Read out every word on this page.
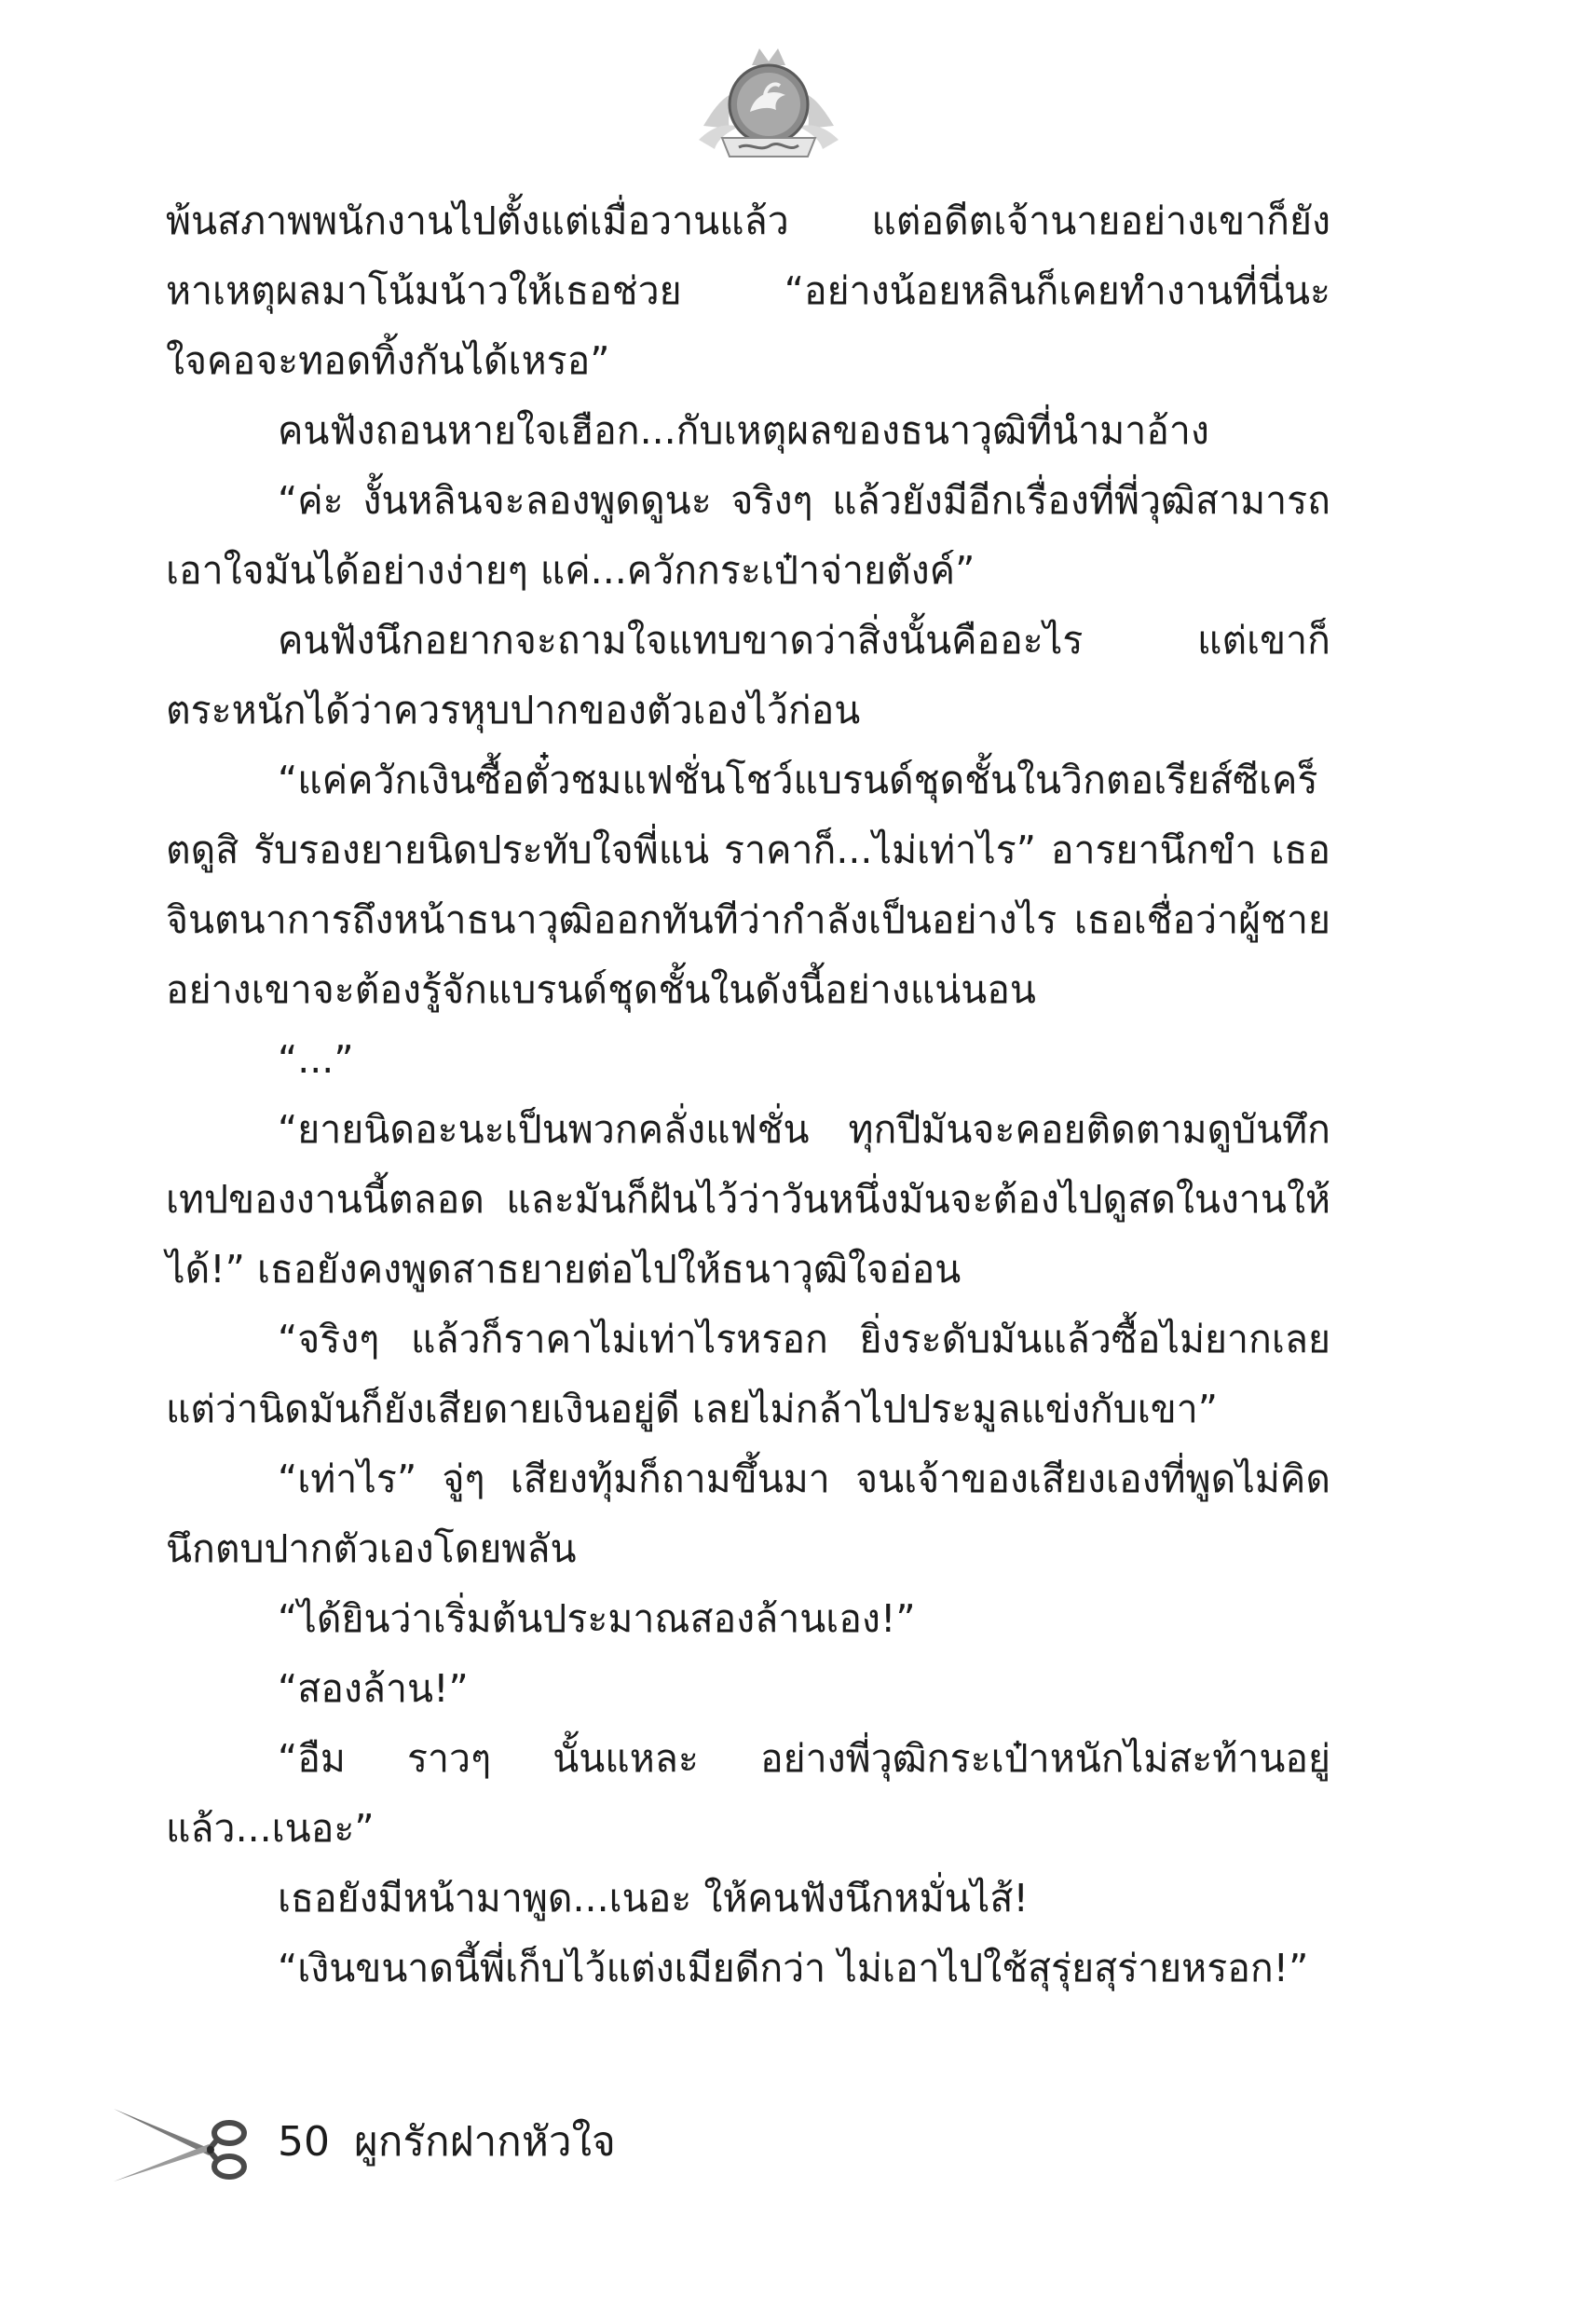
พ้นสภาพพนักงานไปตั้งแต่เมื่อวานแล้ว แต่อดีตเจ้านายอย่างเขาก็ยังหาเหตุผลมาโน้มน้าวให้เธอช่วย “อย่างน้อยหลินก็เคยทำงานที่นี่นะ ใจคอจะทอดทิ้งกันได้เหรอ”

คนฟังถอนหายใจเฮือก...กับเหตุผลของธนาวุฒิที่นำมาอ้าง

“ค่ะ งั้นหลินจะลองพูดดูนะ จริงๆ แล้วยังมีอีกเรื่องที่พี่วุฒิสามารถเอาใจมันได้อย่างง่ายๆ แค่...ควักกระเป๋าจ่ายตังค์”

คนฟังนึกอยากจะถามใจแทบขาดว่าสิ่งนั้นคืออะไร แต่เขาก็ตระหนักได้ว่าควรหุบปากของตัวเองไว้ก่อน

“แค่ควักเงินซื้อตั๋วชมแฟชั่นโชว์แบรนด์ชุดชั้นในวิกตอเรียส์ซีเคร็ตดูสิ รับรองยายนิดประทับใจพี่แน่ ราคาก็...ไม่เท่าไร” อารยานึกขำ เธอจินตนาการถึงหน้าธนาวุฒิออกทันทีว่ากำลังเป็นอย่างไร เธอเชื่อว่าผู้ชายอย่างเขาจะต้องรู้จักแบรนด์ชุดชั้นในดังนี้อย่างแน่นอน

“...”

“ยายนิดอะนะเป็นพวกคลั่งแฟชั่น ทุกปีมันจะคอยติดตามดูบันทึกเทปของงานนี้ตลอด และมันก็ฝันไว้ว่าวันหนึ่งมันจะต้องไปดูสดในงานให้ได้!” เธอยังคงพูดสาธยายต่อไปให้ธนาวุฒิใจอ่อน

“จริงๆ แล้วก็ราคาไม่เท่าไรหรอก ยิ่งระดับมันแล้วซื้อไม่ยากเลย แต่ว่านิดมันก็ยังเสียดายเงินอยู่ดี เลยไม่กล้าไปประมูลแข่งกับเขา”

“เท่าไร” จู่ๆ เสียงทุ้มก็ถามขึ้นมา จนเจ้าของเสียงเองที่พูดไม่คิดนึกตบปากตัวเองโดยพลัน

“ได้ยินว่าเริ่มต้นประมาณสองล้านเอง!”

“สองล้าน!”

“อืม ราวๆ นั้นแหละ อย่างพี่วุฒิกระเป๋าหนักไม่สะท้านอยู่แล้ว...เนอะ”

เธอยังมีหน้ามาพูด...เนอะ ให้คนฟังนึกหมั่นไส้!

“เงินขนาดนี้พี่เก็บไว้แต่งเมียดีกว่า ไม่เอาไปใช้สุรุ่ยสุร่ายหรอก!”

50 ผูกรักฝากหัวใจ
